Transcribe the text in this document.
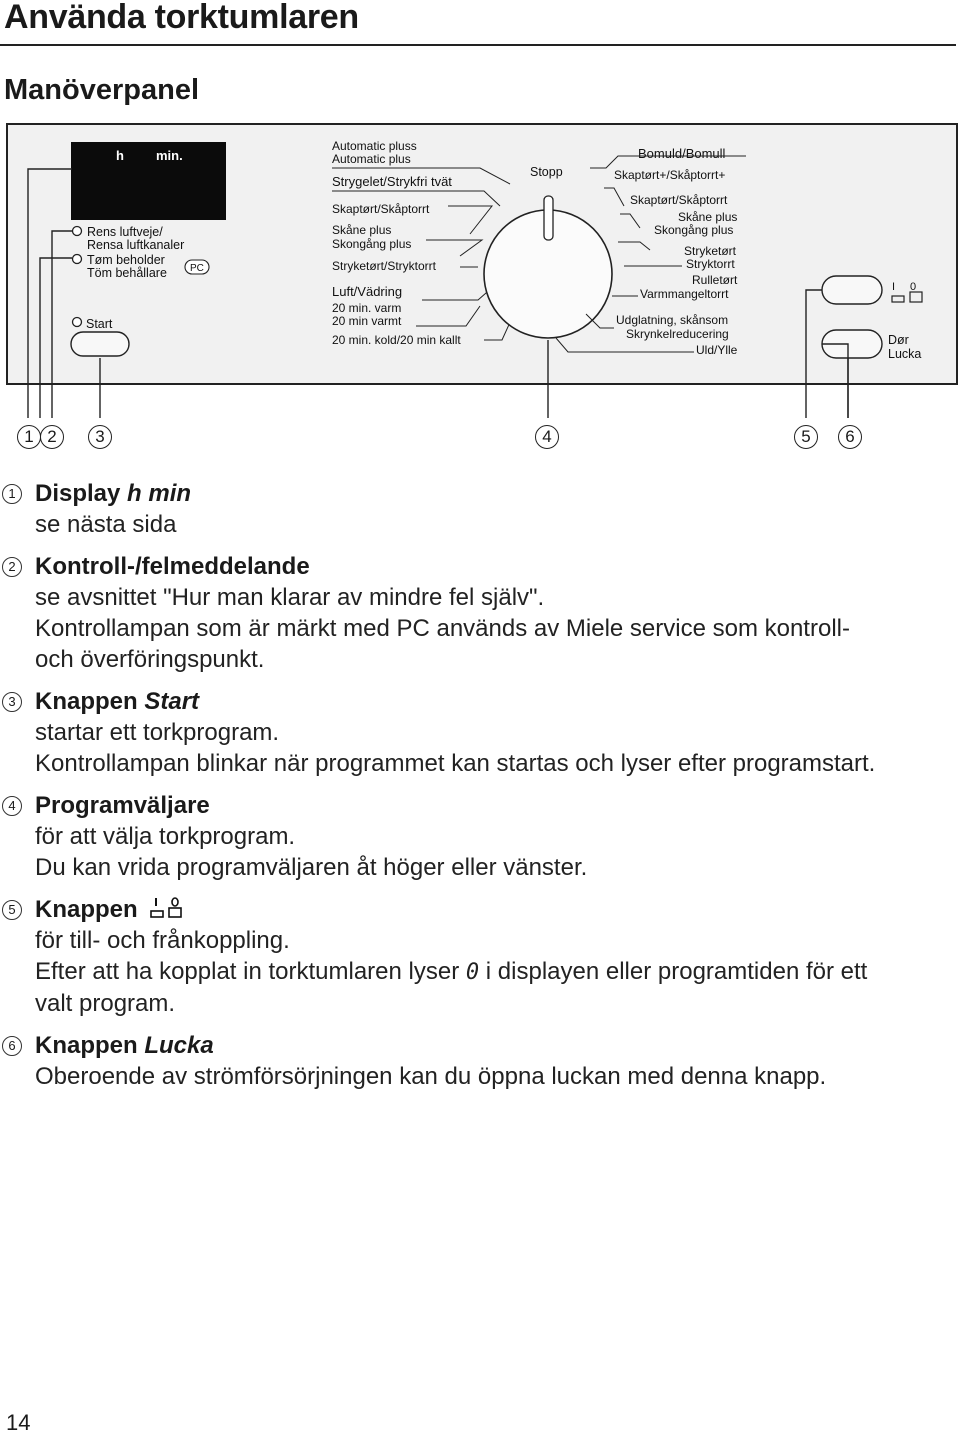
Använda torktumlaren
Manöverpanel
h min.
Rens luftveje/
Rensa luftkanaler
Tøm beholder
Töm behållare PC
Start
Automatic pluss
Automatic plus
Strygelet/Strykfri tvät
Skaptørt/Skåptorrt
Skåne plus
Skongång plus
Stryketørt/Stryktorrt
Luft/Vädring
20 min. varm
20 min varmt
20 min. kold/20 min kallt
Stopp
Bomuld/Bomull
Skaptørt+/Skåptorrt+
Skaptørt/Skåptorrt
Skåne plus
Skongång plus
Stryketørt
Stryktorrt
Rulletørt
Varmmangeltorrt
Udglatning, skånsom
Skrynkelreducering
Uld/Ylle
I 0
Dør
Lucka
1 2	3	4	5	6
1 Display h min
se nästa sida
2 Kontroll-/felmeddelande
se avsnittet "Hur man klarar av mindre fel själv".
Kontrollampan som är märkt med PC används av Miele service som kontroll-
och överföringspunkt.
3 Knappen Start
startar ett torkprogram.
Kontrollampan blinkar när programmet kan startas och lyser efter programstart.
4 Programväljare
för att välja torkprogram.
Du kan vrida programväljaren åt höger eller vänster.
5 Knappen
för till- och frånkoppling.
Efter att ha kopplat in torktumlaren lyser 0 i displayen eller programtiden för ett
valt program.
6 Knappen Lucka
Oberoende av strömförsörjningen kan du öppna luckan med denna knapp.
14
